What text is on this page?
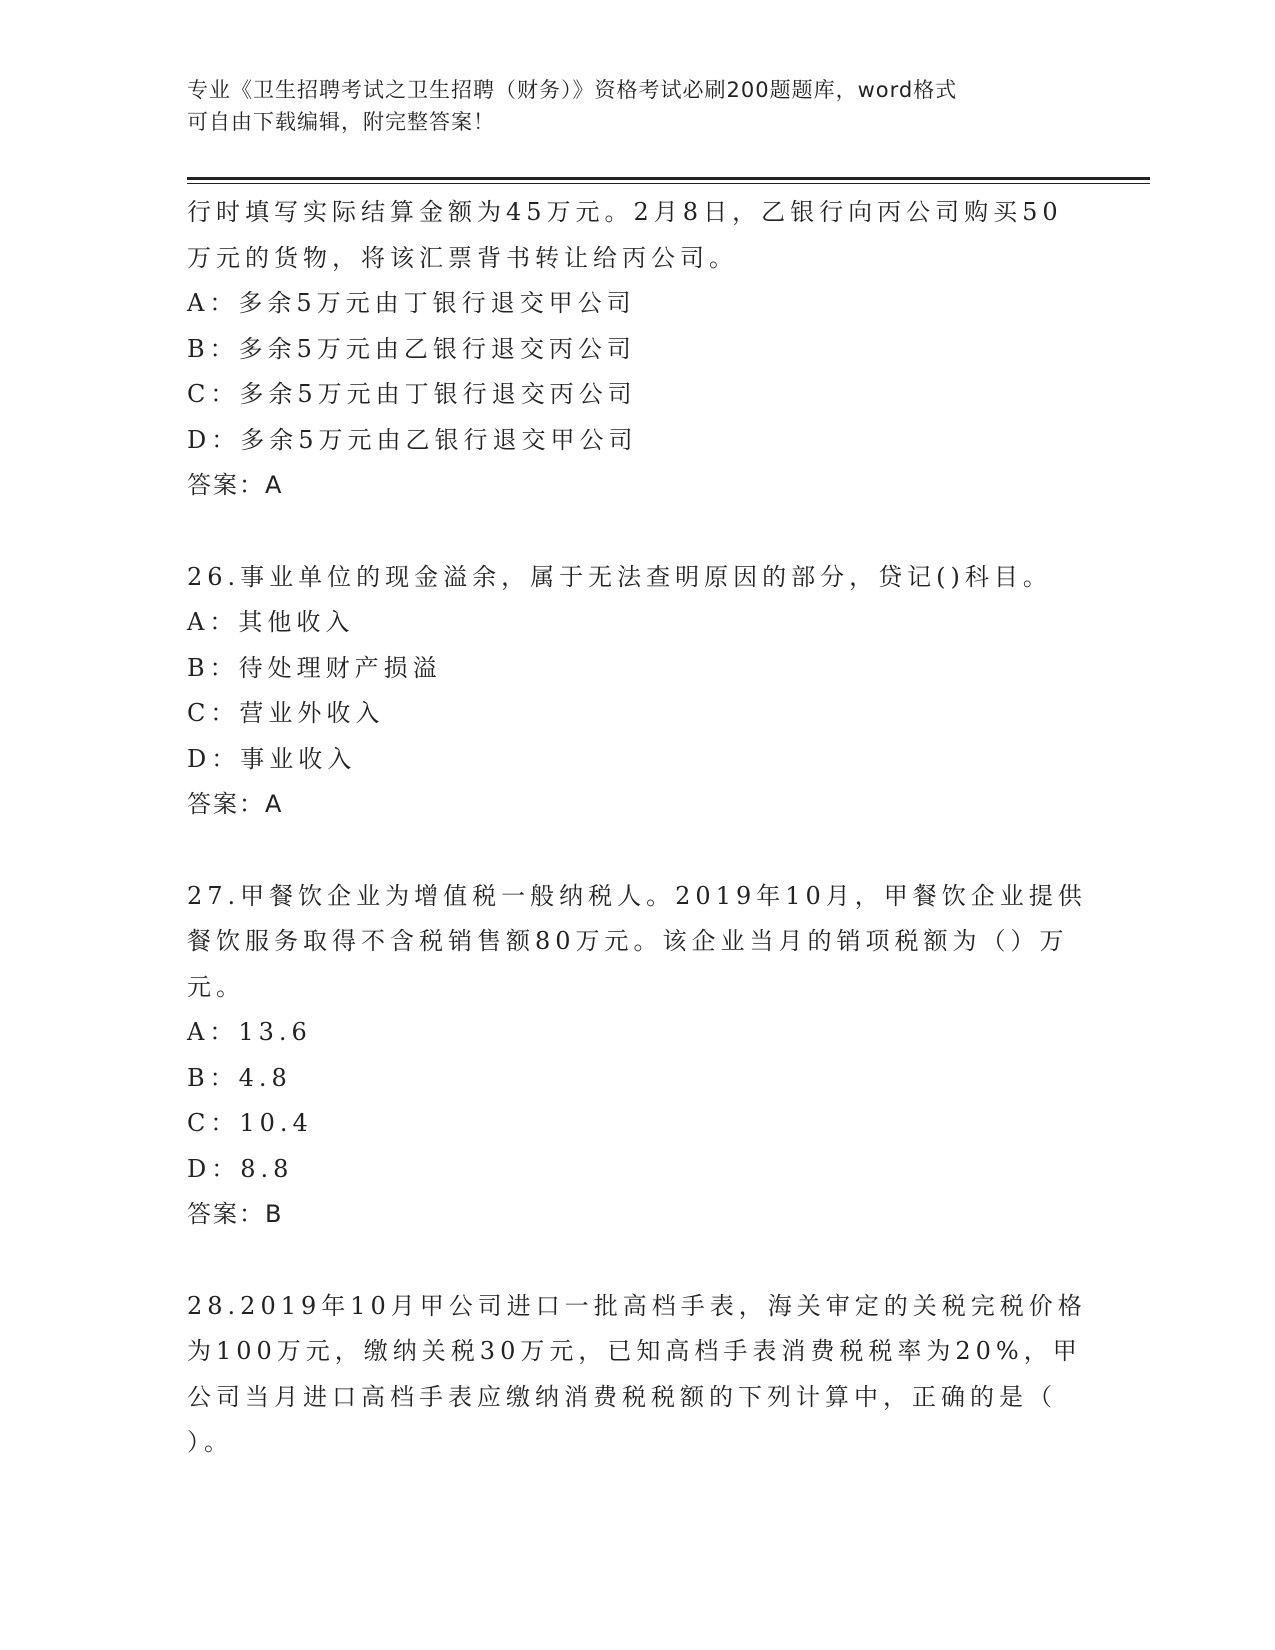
专业《卫生招聘考试之卫生招聘（财务）》资格考试必刷200题题库，word格式
可自由下载编辑，附完整答案！
行时填写实际结算金额为45万元。2月8日，乙银行向丙公司购买50
万元的货物，将该汇票背书转让给丙公司。
A：多余5万元由丁银行退交甲公司
B：多余5万元由乙银行退交丙公司
C：多余5万元由丁银行退交丙公司
D：多余5万元由乙银行退交甲公司
答案：A
26.事业单位的现金溢余，属于无法查明原因的部分，贷记()科目。
A：其他收入
B：待处理财产损溢
C：营业外收入
D：事业收入
答案：A
27.甲餐饮企业为增值税一般纳税人。2019年10月，甲餐饮企业提供
餐饮服务取得不含税销售额80万元。该企业当月的销项税额为（）万
元。
A：13.6
B：4.8
C：10.4
D：8.8
答案：B
28.2019年10月甲公司进口一批高档手表，海关审定的关税完税价格
为100万元，缴纳关税30万元，已知高档手表消费税税率为20%，甲
公司当月进口高档手表应缴纳消费税税额的下列计算中，正确的是（
）。
